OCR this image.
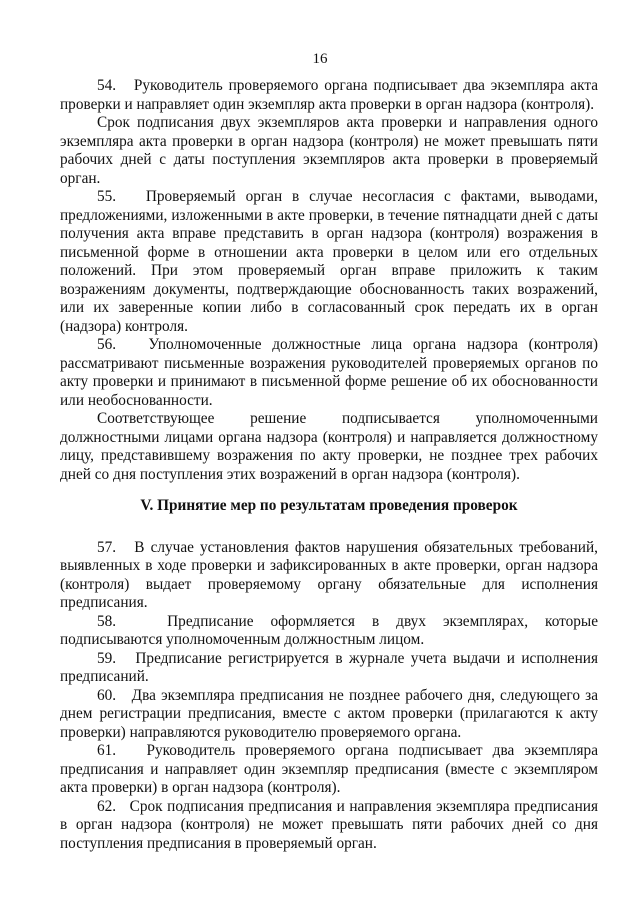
16

54.   Руководитель проверяемого органа подписывает два экземпляра акта проверки и направляет один экземпляр акта проверки в орган надзора (контроля).

Срок подписания двух экземпляров акта проверки и направления одного экземпляра акта проверки в орган надзора (контроля) не может превышать пяти рабочих дней с даты поступления экземпляров акта проверки в проверяемый орган.

55.   Проверяемый орган в случае несогласия с фактами, выводами, предложениями, изложенными в акте проверки, в течение пятнадцати дней с даты получения акта вправе представить в орган надзора (контроля) возражения в письменной форме в отношении акта проверки в целом или его отдельных положений. При этом проверяемый орган вправе приложить к таким возражениям документы, подтверждающие обоснованность таких возражений, или их заверенные копии либо в согласованный срок передать их в орган (надзора) контроля.

56.   Уполномоченные должностные лица органа надзора (контроля) рассматривают письменные возражения руководителей проверяемых органов по акту проверки и принимают в письменной форме решение об их обоснованности или необоснованности.

Соответствующее решение подписывается уполномоченными должностными лицами органа надзора (контроля) и направляется должностному лицу, представившему возражения по акту проверки, не позднее трех рабочих дней со дня поступления этих возражений в орган надзора (контроля).

V. Принятие мер по результатам проведения проверок

57.   В случае установления фактов нарушения обязательных требований, выявленных в ходе проверки и зафиксированных в акте проверки, орган надзора (контроля) выдает проверяемому органу обязательные для исполнения предписания.

58.   Предписание оформляется в двух экземплярах, которые подписываются уполномоченным должностным лицом.

59.   Предписание регистрируется в журнале учета выдачи и исполнения предписаний.

60.   Два экземпляра предписания не позднее рабочего дня, следующего за днем регистрации предписания, вместе с актом проверки (прилагаются к акту проверки) направляются руководителю проверяемого органа.

61.   Руководитель проверяемого органа подписывает два экземпляра предписания и направляет один экземпляр предписания (вместе с экземпляром акта проверки) в орган надзора (контроля).

62.   Срок подписания предписания и направления экземпляра предписания в орган надзора (контроля) не может превышать пяти рабочих дней со дня поступления предписания в проверяемый орган.
